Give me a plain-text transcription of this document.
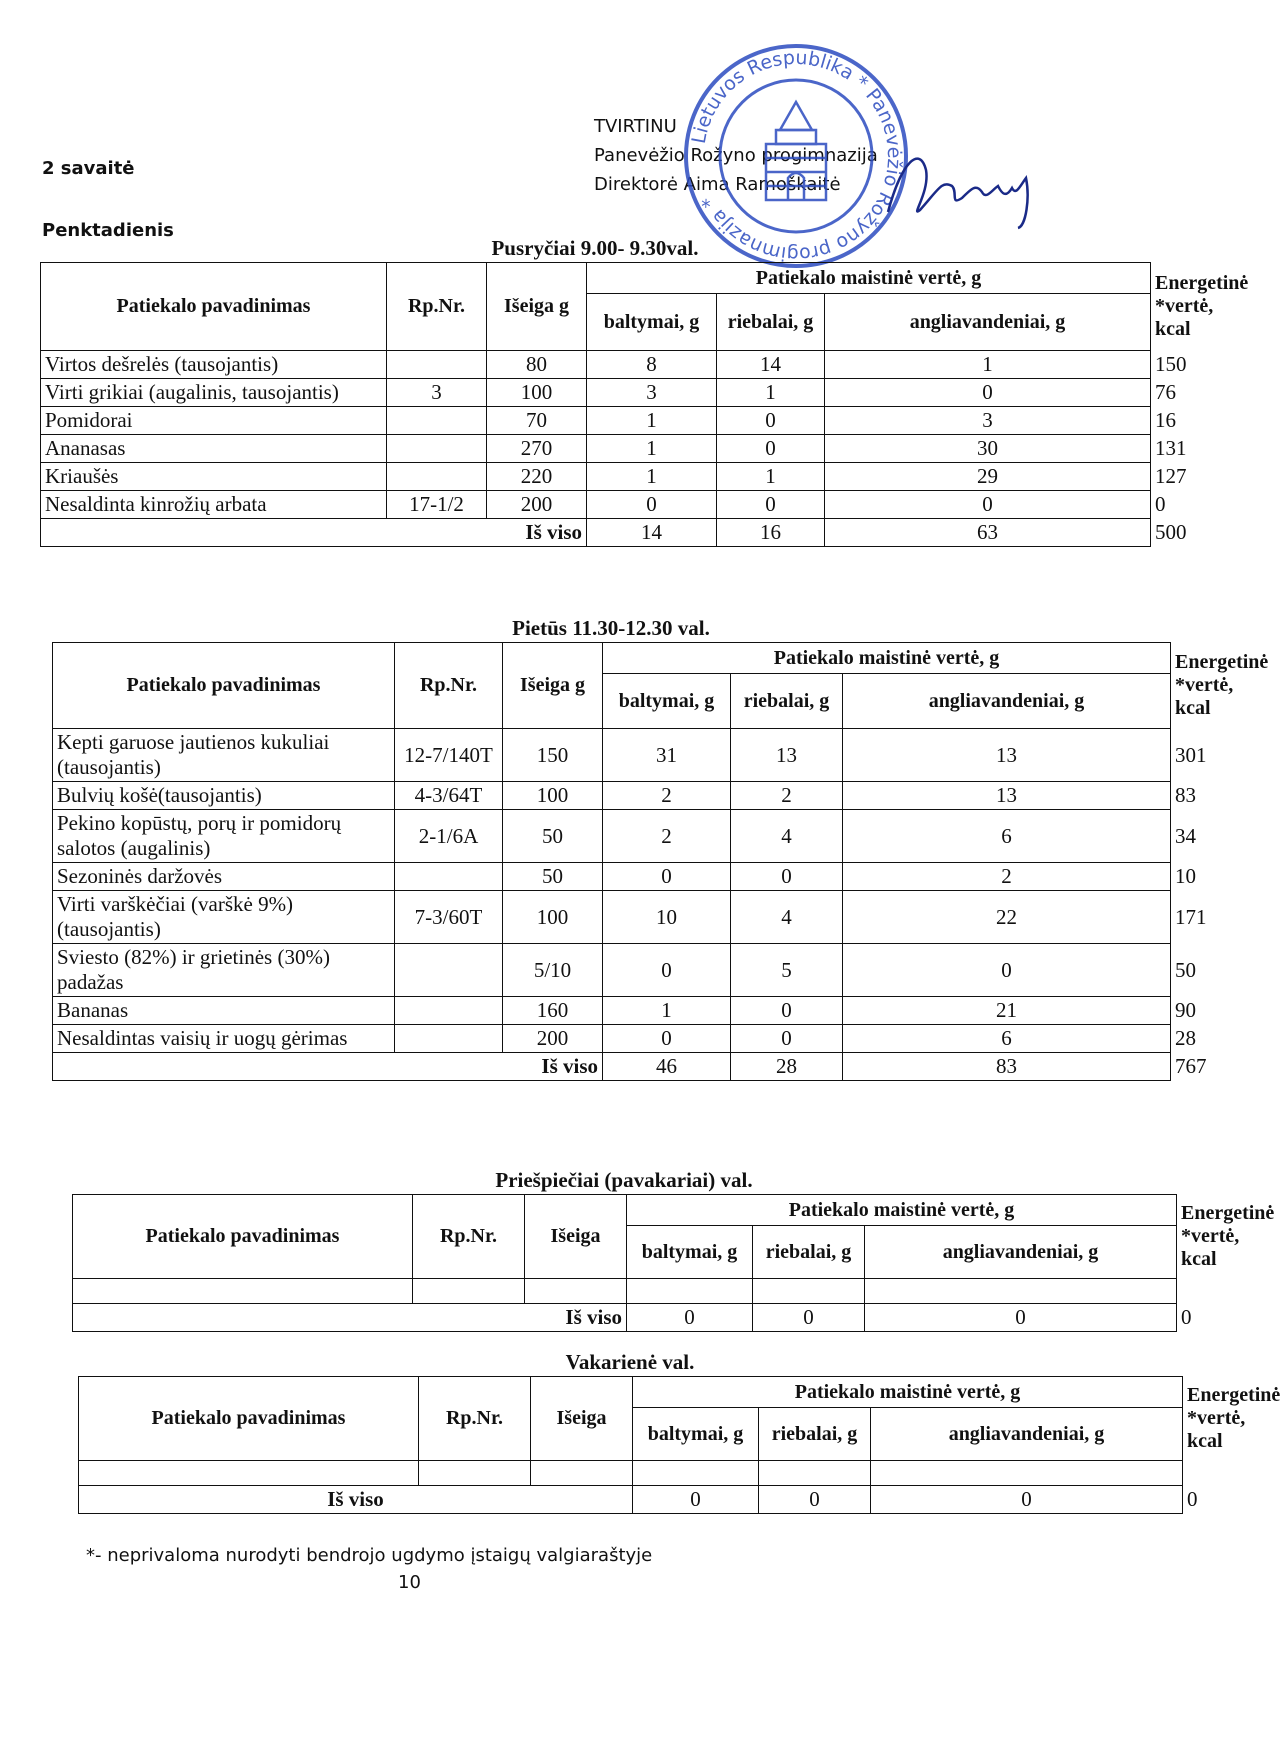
2 savaitė
Penktadienis
TVIRTINU
Panevėžio Rožyno progimnazija
Direktorė Aima Ramoškaitė
Lietuvos Respublika * Panevėžio Rožyno progimnazija *
Pusryčiai 9.00- 9.30val.
Patiekalo pavadinimas	Rp.Nr.	Išeiga g	Patiekalo maistinė vertė, g			Energetinė *vertė, kcal
			baltymai, g	riebalai, g	angliavandeniai, g	
Virtos dešrelės (tausojantis)		80	8	14	1	150
Virti grikiai (augalinis, tausojantis)	3	100	3	1	0	76
Pomidorai		70	1	0	3	16
Ananasas		270	1	0	30	131
Kriaušės		220	1	1	29	127
Nesaldinta kinrožių arbata	17-1/2	200	0	0	0	0
	Iš viso		14	16	63	500
Pietūs 11.30-12.30 val.
Patiekalo pavadinimas	Rp.Nr.	Išeiga g	Patiekalo maistinė vertė, g			Energetinė *vertė, kcal
			baltymai, g	riebalai, g	angliavandeniai, g	
Kepti garuose jautienos kukuliai (tausojantis)	12-7/140T	150	31	13	13	301
Bulvių košė(tausojantis)	4-3/64T	100	2	2	13	83
Pekino kopūstų, porų ir pomidorų salotos (augalinis)	2-1/6A	50	2	4	6	34
Sezoninės daržovės		50	0	0	2	10
Virti varškėčiai (varškė 9%) (tausojantis)	7-3/60T	100	10	4	22	171
Sviesto (82%) ir grietinės (30%) padažas		5/10	0	5	0	50
Bananas		160	1	0	21	90
Nesaldintas vaisių ir uogų gėrimas		200	0	0	6	28
	Iš viso		46	28	83	767
Priešpiečiai (pavakariai) val.
Patiekalo pavadinimas	Rp.Nr.	Išeiga	Patiekalo maistinė vertė, g			Energetinė *vertė, kcal
			baltymai, g	riebalai, g	angliavandeniai, g	

	Iš viso		0	0	0	0
Vakarienė val.
Patiekalo pavadinimas	Rp.Nr.	Išeiga	Patiekalo maistinė vertė, g			Energetinė *vertė, kcal
			baltymai, g	riebalai, g	angliavandeniai, g	

Iš viso			0	0	0	0
*- neprivaloma nurodyti bendrojo ugdymo įstaigų valgiaraštyje
10
